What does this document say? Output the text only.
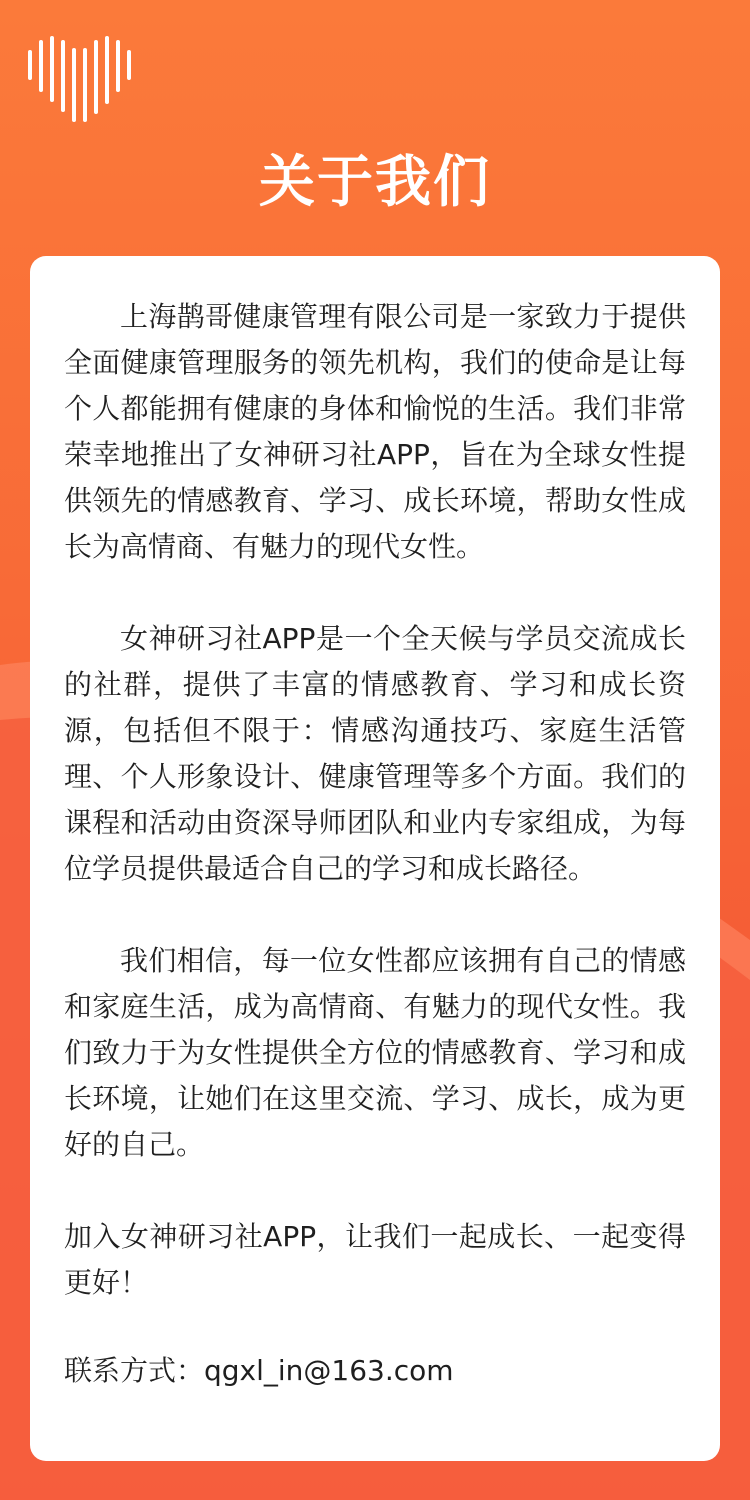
关于我们

上海鹊哥健康管理有限公司是一家致力于提供全面健康管理服务的领先机构，我们的使命是让每个人都能拥有健康的身体和愉悦的生活。我们非常荣幸地推出了女神研习社APP，旨在为全球女性提供领先的情感教育、学习、成长环境，帮助女性成长为高情商、有魅力的现代女性。

女神研习社APP是一个全天候与学员交流成长的社群，提供了丰富的情感教育、学习和成长资源，包括但不限于：情感沟通技巧、家庭生活管理、个人形象设计、健康管理等多个方面。我们的课程和活动由资深导师团队和业内专家组成，为每位学员提供最适合自己的学习和成长路径。

我们相信，每一位女性都应该拥有自己的情感和家庭生活，成为高情商、有魅力的现代女性。我们致力于为女性提供全方位的情感教育、学习和成长环境，让她们在这里交流、学习、成长，成为更好的自己。

加入女神研习社APP，让我们一起成长、一起变得更好！

联系方式：qgxl_in@163.com
